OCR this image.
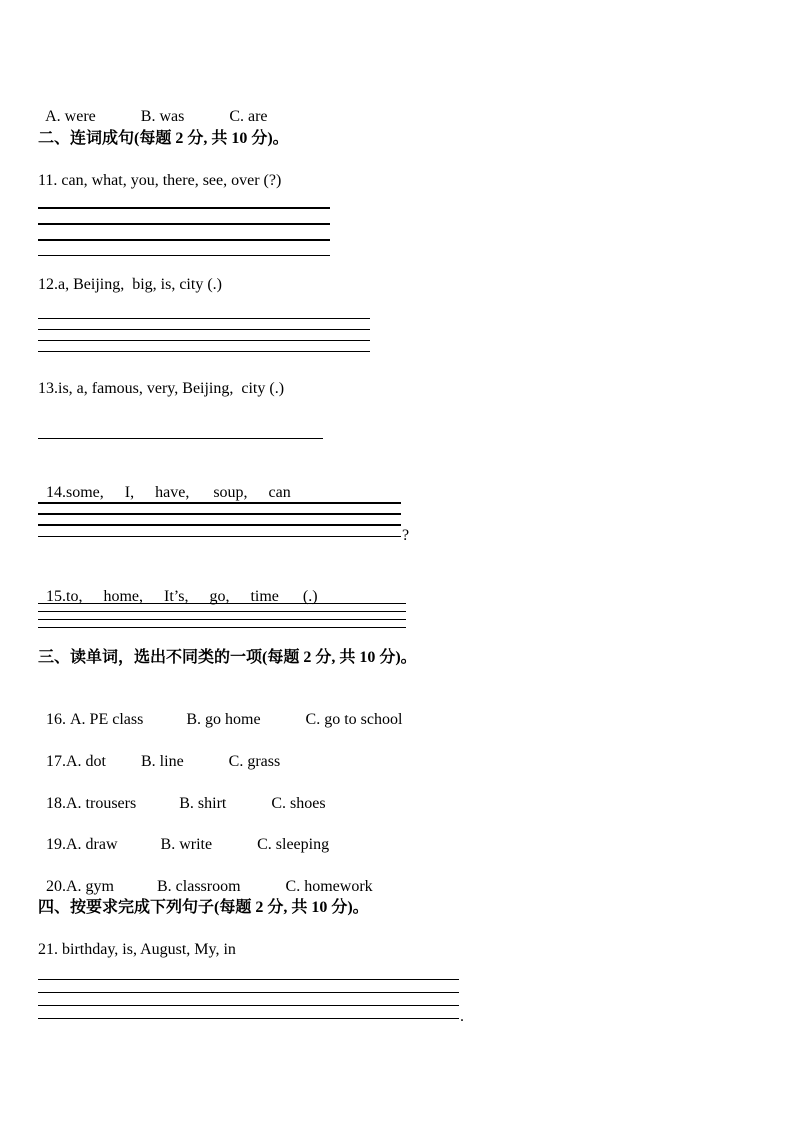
A. were	B. was	C. are

二、连词成句(每题 2 分, 共 10 分)。
11. can, what, you, there, see, over (?)
12.a, Beijing,  big, is, city (.)
13.is, a, famous, very, Beijing,  city (.)

14.some, I, have, soup, can

?

15.to, home, It’s, go, time (.)

三、读单词，选出不同类的一项(每题 2 分, 共 10 分)。

16. A. PE class	B. go home	C. go to school

17.A. dot B. line	C. grass

18.A. trousers	B. shirt	C. shoes

19.A. draw	B. write	C. sleeping

20.A. gym	B. classroom	C. homework

四、按要求完成下列句子(每题 2 分, 共 10 分)。
21. birthday, is, August, My, in
.
